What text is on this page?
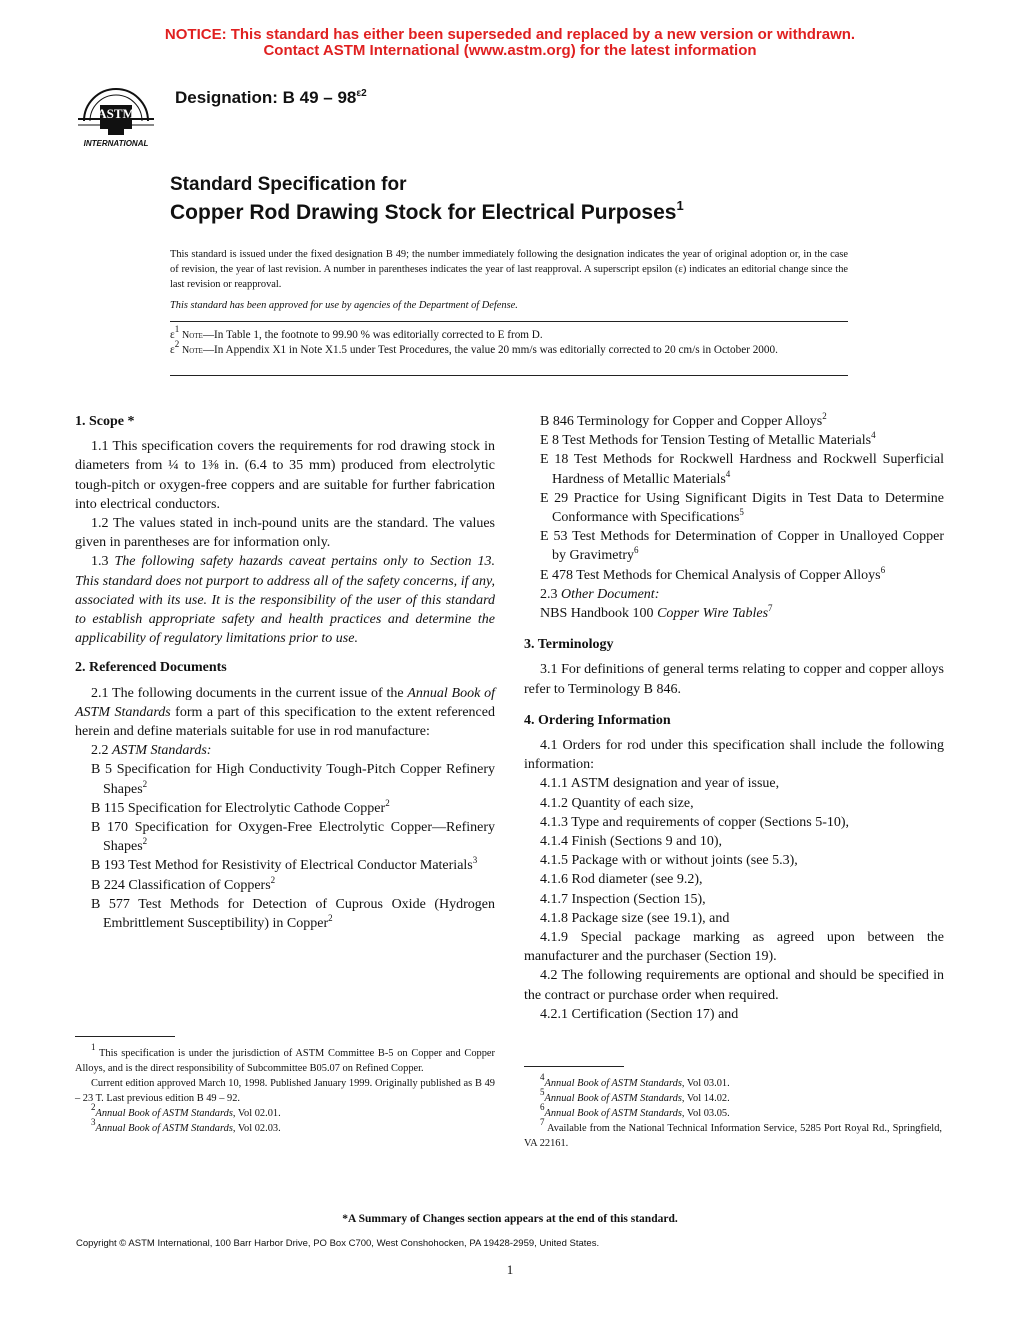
NOTICE: This standard has either been superseded and replaced by a new version or withdrawn.
Contact ASTM International (www.astm.org) for the latest information
ASTM
INTERNATIONAL
Designation: B $49 - 98^{\varepsilon 2}$
Standard Specification for
Copper Rod Drawing Stock for Electrical Purposes$^1$
This standard is issued under the fixed designation B 49; the number immediately following the designation indicates the year of original adoption or, in the case of revision, the year of last revision. A number in parentheses indicates the year of last reapproval. A superscript epsilon (ε) indicates an editorial change since the last revision or reapproval.
This standard has been approved for use by agencies of the Department of Defense.
$\varepsilon^1$ Note—In Table 1, the footnote to 99.90 % was editorially corrected to E from D.
$\varepsilon^2$ Note—In Appendix X1 in Note X1.5 under Test Procedures, the value 20 mm/s was editorially corrected to 20 cm/s in October 2000.

1. Scope *

1.1 This specification covers the requirements for rod drawing stock in diameters from ¼ to 1⅜ in. (6.4 to 35 mm) produced from electrolytic tough-pitch or oxygen-free coppers and are suitable for further fabrication into electrical conductors.

1.2 The values stated in inch-pound units are the standard. The values given in parentheses are for information only.

1.3 The following safety hazards caveat pertains only to Section 13. This standard does not purport to address all of the safety concerns, if any, associated with its use. It is the responsibility of the user of this standard to establish appropriate safety and health practices and determine the applicability of regulatory limitations prior to use.

2. Referenced Documents

2.1 The following documents in the current issue of the Annual Book of ASTM Standards form a part of this specification to the extent referenced herein and define materials suitable for use in rod manufacture:

2.2 ASTM Standards:

B 5 Specification for High Conductivity Tough-Pitch Copper Refinery Shapes$^2$

B 115 Specification for Electrolytic Cathode Copper$^2$

B 170 Specification for Oxygen-Free Electrolytic Copper—Refinery Shapes$^2$

B 193 Test Method for Resistivity of Electrical Conductor Materials$^3$

B 224 Classification of Coppers$^2$

B 577 Test Methods for Detection of Cuprous Oxide (Hydrogen Embrittlement Susceptibility) in Copper$^2$

1 This specification is under the jurisdiction of ASTM Committee B-5 on Copper and Copper Alloys, and is the direct responsibility of Subcommittee B05.07 on Refined Copper.

Current edition approved March 10, 1998. Published January 1999. Originally published as B 49 – 23 T. Last previous edition B 49 – 92.

2Annual Book of ASTM Standards, Vol 02.01.

3Annual Book of ASTM Standards, Vol 02.03.

B 846 Terminology for Copper and Copper Alloys$^2$

E 8 Test Methods for Tension Testing of Metallic Materials$^4$

E 18 Test Methods for Rockwell Hardness and Rockwell Superficial Hardness of Metallic Materials$^4$

E 29 Practice for Using Significant Digits in Test Data to Determine Conformance with Specifications$^5$

E 53 Test Methods for Determination of Copper in Unalloyed Copper by Gravimetry$^6$

E 478 Test Methods for Chemical Analysis of Copper Alloys$^6$

2.3 Other Document:

NBS Handbook 100 Copper Wire Tables$^7$

3. Terminology

3.1 For definitions of general terms relating to copper and copper alloys refer to Terminology B 846.

4. Ordering Information

4.1 Orders for rod under this specification shall include the following information:

4.1.1 ASTM designation and year of issue,

4.1.2 Quantity of each size,

4.1.3 Type and requirements of copper (Sections 5-10),

4.1.4 Finish (Sections 9 and 10),

4.1.5 Package with or without joints (see 5.3),

4.1.6 Rod diameter (see 9.2),

4.1.7 Inspection (Section 15),

4.1.8 Package size (see 19.1), and

4.1.9 Special package marking as agreed upon between the manufacturer and the purchaser (Section 19).

4.2 The following requirements are optional and should be specified in the contract or purchase order when required.

4.2.1 Certification (Section 17) and

4Annual Book of ASTM Standards, Vol 03.01.

5Annual Book of ASTM Standards, Vol 14.02.

6Annual Book of ASTM Standards, Vol 03.05.

7 Available from the National Technical Information Service, 5285 Port Royal Rd., Springfield, VA 22161.

*A Summary of Changes section appears at the end of this standard.
Copyright © ASTM International, 100 Barr Harbor Drive, PO Box C700, West Conshohocken, PA 19428-2959, United States.
1
